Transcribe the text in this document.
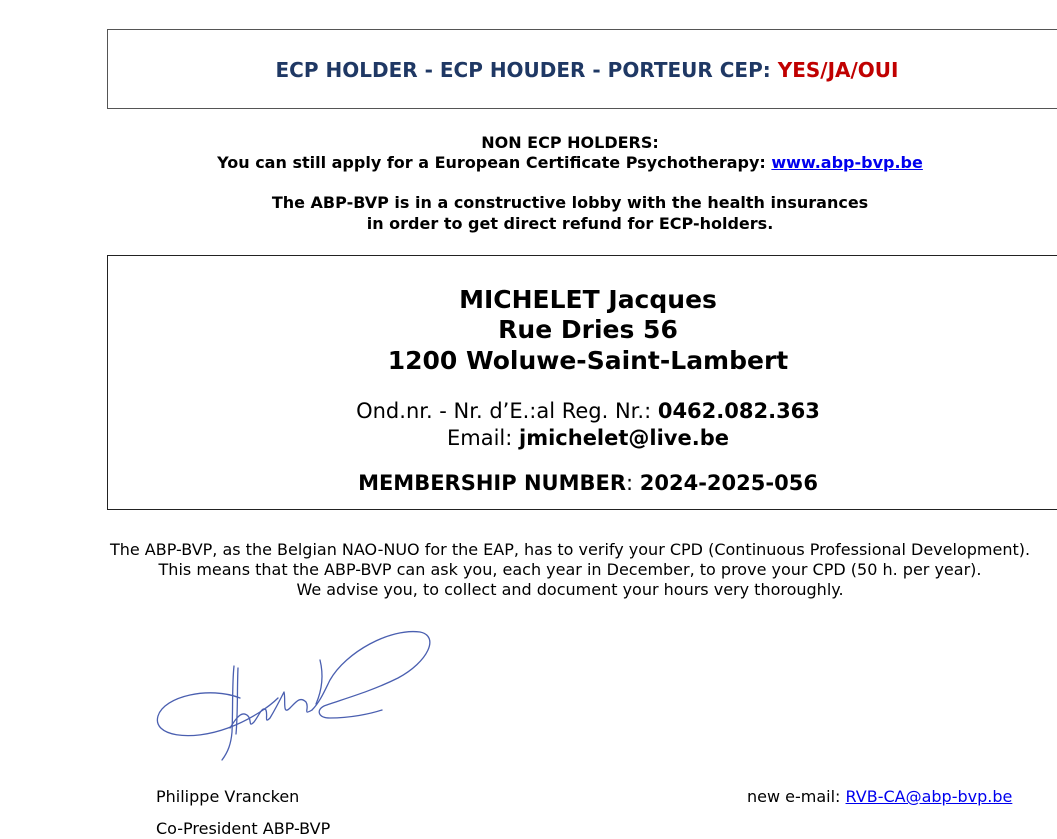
ECP HOLDER - ECP HOUDER - PORTEUR CEP: YES/JA/OUI
NON ECP HOLDERS:
You can still apply for a European Certificate Psychotherapy: www.abp-bvp.be
The ABP-BVP is in a constructive lobby with the health insurances
in order to get direct refund for ECP-holders.
MICHELET Jacques
Rue Dries 56
1200 Woluwe-Saint-Lambert
Ond.nr. - Nr. d’E.:al Reg. Nr.: 0462.082.363
Email: jmichelet@live.be
MEMBERSHIP NUMBER: 2024-2025-056
The ABP-BVP, as the Belgian NAO-NUO for the EAP, has to verify your CPD (Continuous Professional Development).
This means that the ABP-BVP can ask you, each year in December, to prove your CPD (50 h. per year).
We advise you, to collect and document your hours very thoroughly.
Philippe Vrancken
Co-President ABP-BVP
new e-mail: RVB-CA@abp-bvp.be
